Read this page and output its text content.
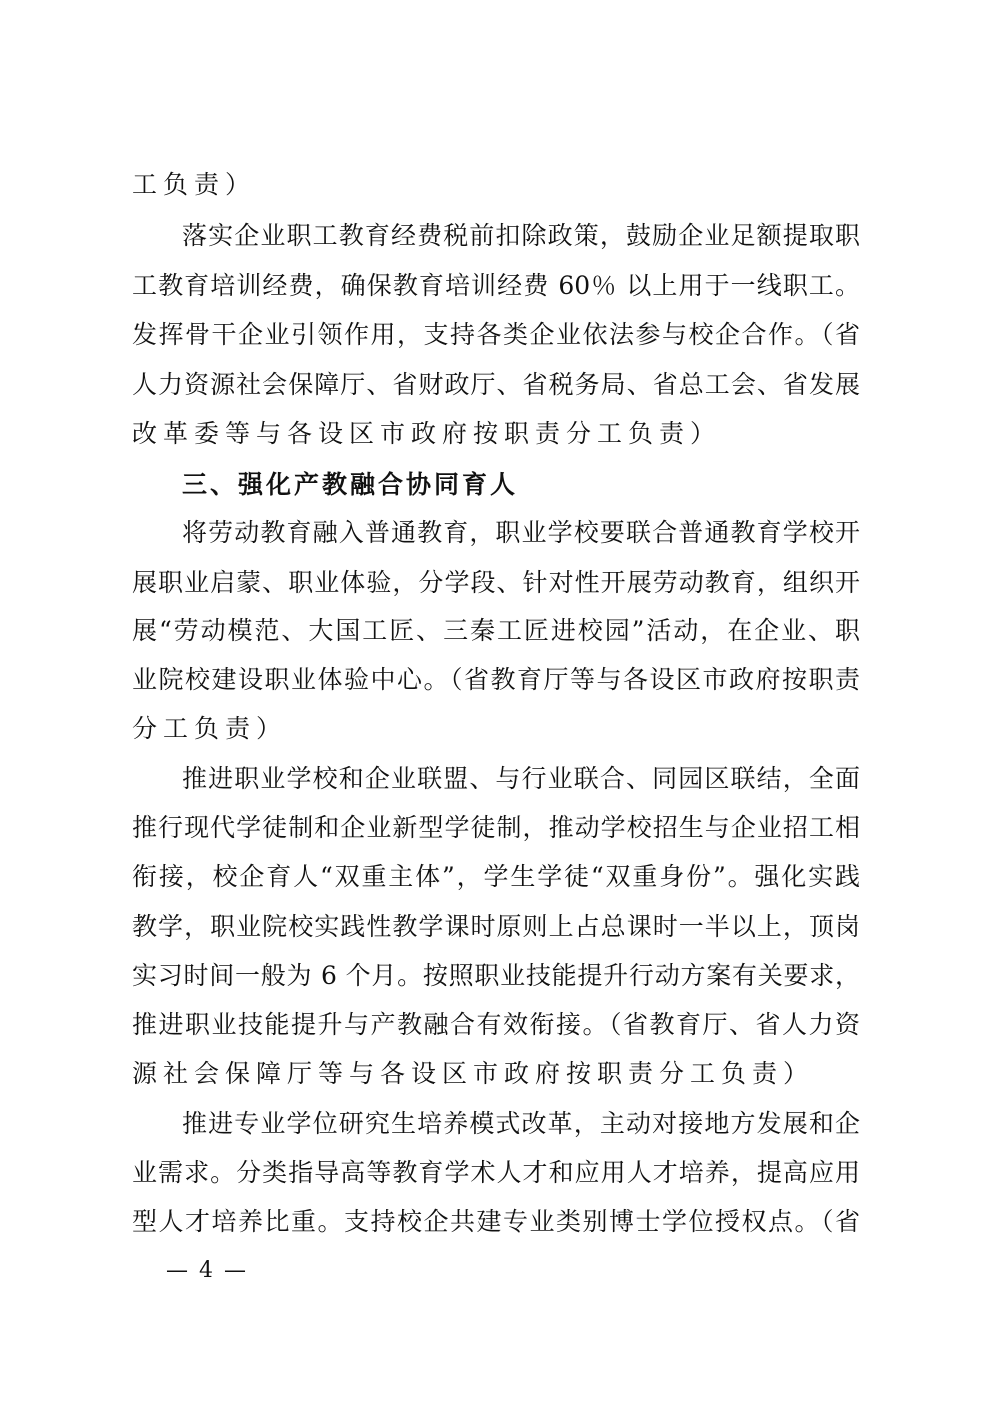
工负责）
落实企业职工教育经费税前扣除政策，鼓励企业足额提取职
工教育培训经费，确保教育培训经费 60％ 以上用于一线职工。
发挥骨干企业引领作用，支持各类企业依法参与校企合作。（省
人力资源社会保障厅、省财政厅、省税务局、省总工会、省发展
改革委等与各设区市政府按职责分工负责）
三、强化产教融合协同育人
将劳动教育融入普通教育，职业学校要联合普通教育学校开
展职业启蒙、职业体验，分学段、针对性开展劳动教育，组织开
展“劳动模范、大国工匠、三秦工匠进校园”活动，在企业、职
业院校建设职业体验中心。（省教育厅等与各设区市政府按职责
分工负责）
推进职业学校和企业联盟、与行业联合、同园区联结，全面
推行现代学徒制和企业新型学徒制，推动学校招生与企业招工相
衔接，校企育人“双重主体”，学生学徒“双重身份”。强化实践
教学，职业院校实践性教学课时原则上占总课时一半以上，顶岗
实习时间一般为 6 个月。按照职业技能提升行动方案有关要求，
推进职业技能提升与产教融合有效衔接。（省教育厅、省人力资
源社会保障厅等与各设区市政府按职责分工负责）
推进专业学位研究生培养模式改革，主动对接地方发展和企
业需求。分类指导高等教育学术人才和应用人才培养，提高应用
型人才培养比重。支持校企共建专业类别博士学位授权点。（省
— 4 —
